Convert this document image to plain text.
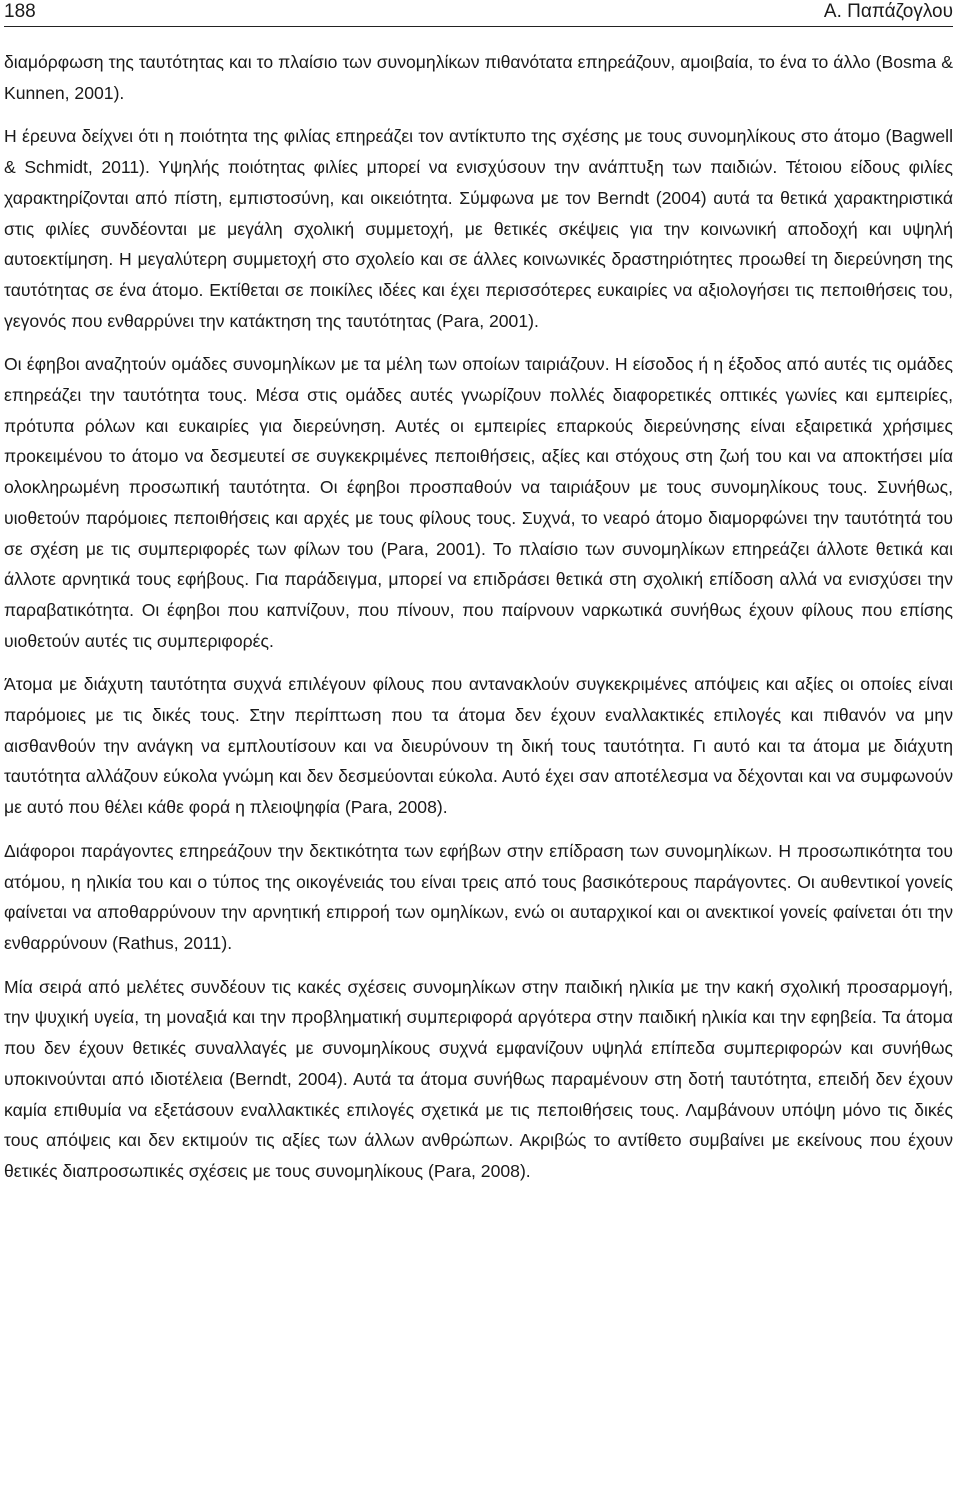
188	Α. Παπάζογλου

διαμόρφωση της ταυτότητας και το πλαίσιο των συνομηλίκων πιθανότατα επηρεάζουν, αμοιβαία, το ένα το άλλο (Bosma & Kunnen, 2001).

Η έρευνα δείχνει ότι η ποιότητα της φιλίας επηρεάζει τον αντίκτυπο της σχέσης με τους συνομηλίκους στο άτομο (Bagwell & Schmidt, 2011). Υψηλής ποιότητας φιλίες μπορεί να ενισχύσουν την ανάπτυξη των παιδιών. Τέτοιου είδους φιλίες χαρακτηρίζονται από πίστη, εμπιστοσύνη, και οικειότητα. Σύμφωνα με τον Berndt (2004) αυτά τα θετικά χαρακτηριστικά στις φιλίες συνδέονται με μεγάλη σχολική συμμετοχή, με θετικές σκέψεις για την κοινωνική αποδοχή και υψηλή αυτοεκτίμηση. Η μεγαλύτερη συμμετοχή στο σχολείο και σε άλλες κοινωνικές δραστηριότητες προωθεί τη διερεύνηση της ταυτότητας σε ένα άτομο. Εκτίθεται σε ποικίλες ιδέες και έχει περισσότερες ευκαιρίες να αξιολογήσει τις πεποιθήσεις του, γεγονός που ενθαρρύνει την κατάκτηση της ταυτότητας (Para, 2001).

Οι έφηβοι αναζητούν ομάδες συνομηλίκων με τα μέλη των οποίων ταιριάζουν. Η είσοδος ή η έξοδος από αυτές τις ομάδες επηρεάζει την ταυτότητα τους. Μέσα στις ομάδες αυτές γνωρίζουν πολλές διαφορετικές οπτικές γωνίες και εμπειρίες, πρότυπα ρόλων και ευκαιρίες για διερεύνηση. Αυτές οι εμπειρίες επαρκούς διερεύνησης είναι εξαιρετικά χρήσιμες προκειμένου το άτομο να δεσμευτεί σε συγκεκριμένες πεποιθήσεις, αξίες και στόχους στη ζωή του και να αποκτήσει μία ολοκληρωμένη προσωπική ταυτότητα. Οι έφηβοι προσπαθούν να ταιριάξουν με τους συνομηλίκους τους. Συνήθως, υιοθετούν παρόμοιες πεποιθήσεις και αρχές με τους φίλους τους. Συχνά, το νεαρό άτομο διαμορφώνει την ταυτότητά του σε σχέση με τις συμπεριφορές των φίλων του (Para, 2001). Το πλαίσιο των συνομηλίκων επηρεάζει άλλοτε θετικά και άλλοτε αρνητικά τους εφήβους. Για παράδειγμα, μπορεί να επιδράσει θετικά στη σχολική επίδοση αλλά να ενισχύσει την παραβατικότητα. Οι έφηβοι που καπνίζουν, που πίνουν, που παίρνουν ναρκωτικά συνήθως έχουν φίλους που επίσης υιοθετούν αυτές τις συμπεριφορές.

Άτομα με διάχυτη ταυτότητα συχνά επιλέγουν φίλους που αντανακλούν συγκεκριμένες απόψεις και αξίες οι οποίες είναι παρόμοιες με τις δικές τους. Στην περίπτωση που τα άτομα δεν έχουν εναλλακτικές επιλογές και πιθανόν να μην αισθανθούν την ανάγκη να εμπλουτίσουν και να διευρύνουν τη δική τους ταυτότητα. Γι αυτό και τα άτομα με διάχυτη ταυτότητα αλλάζουν εύκολα γνώμη και δεν δεσμεύονται εύκολα. Αυτό έχει σαν αποτέλεσμα να δέχονται και να συμφωνούν με αυτό που θέλει κάθε φορά η πλειοψηφία (Para, 2008).

Διάφοροι παράγοντες επηρεάζουν την δεκτικότητα των εφήβων στην επίδραση των συνομηλίκων. Η προσωπικότητα του ατόμου, η ηλικία του και ο τύπος της οικογένειάς του είναι τρεις από τους βασικότερους παράγοντες. Οι αυθεντικοί γονείς φαίνεται να αποθαρρύνουν την αρνητική επιρροή των ομηλίκων, ενώ οι αυταρχικοί και οι ανεκτικοί γονείς φαίνεται ότι την ενθαρρύνουν (Rathus, 2011).

Μία σειρά από μελέτες συνδέουν τις κακές σχέσεις συνομηλίκων στην παιδική ηλικία με την κακή σχολική προσαρμογή, την ψυχική υγεία, τη μοναξιά και την προβληματική συμπεριφορά αργότερα στην παιδική ηλικία και την εφηβεία. Τα άτομα που δεν έχουν θετικές συναλλαγές με συνομηλίκους συχνά εμφανίζουν υψηλά επίπεδα συμπεριφορών και συνήθως υποκινούνται από ιδιοτέλεια (Berndt, 2004). Αυτά τα άτομα συνήθως παραμένουν στη δοτή ταυτότητα, επειδή δεν έχουν καμία επιθυμία να εξετάσουν εναλλακτικές επιλογές σχετικά με τις πεποιθήσεις τους. Λαμβάνουν υπόψη μόνο τις δικές τους απόψεις και δεν εκτιμούν τις αξίες των άλλων ανθρώπων. Ακριβώς το αντίθετο συμβαίνει με εκείνους που έχουν θετικές διαπροσωπικές σχέσεις με τους συνομηλίκους (Para, 2008).
